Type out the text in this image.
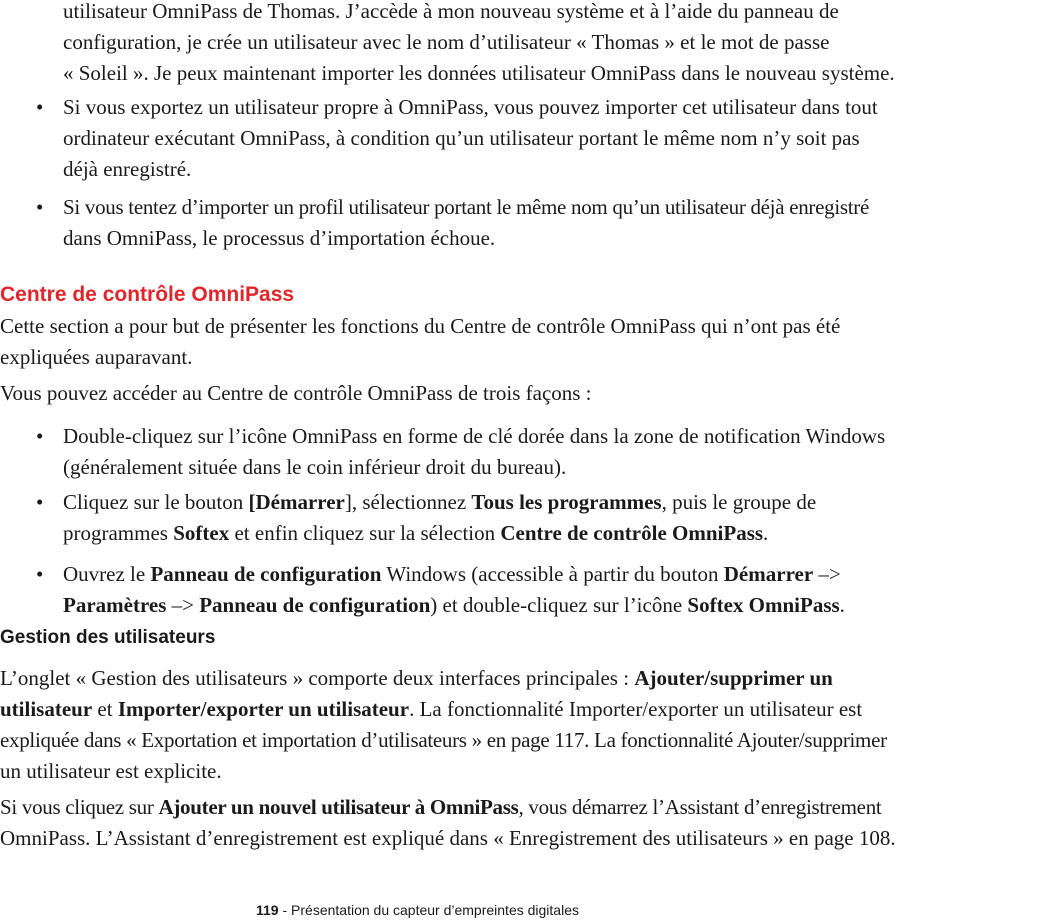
utilisateur OmniPass de Thomas. J’accède à mon nouveau système et à l’aide du panneau de

configuration, je crée un utilisateur avec le nom d’utilisateur « Thomas » et le mot de passe

« Soleil ». Je peux maintenant importer les données utilisateur OmniPass dans le nouveau système.

• Si vous exportez un utilisateur propre à OmniPass, vous pouvez importer cet utilisateur dans tout

ordinateur exécutant OmniPass, à condition qu’un utilisateur portant le même nom n’y soit pas

déjà enregistré.

• Si vous tentez d’importer un profil utilisateur portant le même nom qu’un utilisateur déjà enregistré

dans OmniPass, le processus d’importation échoue.

Centre de contrôle OmniPass

Cette section a pour but de présenter les fonctions du Centre de contrôle OmniPass qui n’ont pas été

expliquées auparavant.

Vous pouvez accéder au Centre de contrôle OmniPass de trois façons :

• Double-cliquez sur l’icône OmniPass en forme de clé dorée dans la zone de notification Windows

(généralement située dans le coin inférieur droit du bureau).

• Cliquez sur le bouton [Démarrer], sélectionnez Tous les programmes, puis le groupe de

programmes Softex et enfin cliquez sur la sélection Centre de contrôle OmniPass.

• Ouvrez le Panneau de configuration Windows (accessible à partir du bouton Démarrer –>

Paramètres –> Panneau de configuration) et double-cliquez sur l’icône Softex OmniPass.

Gestion des utilisateurs

L’onglet « Gestion des utilisateurs » comporte deux interfaces principales : Ajouter/supprimer un

utilisateur et Importer/exporter un utilisateur. La fonctionnalité Importer/exporter un utilisateur est

expliquée dans « Exportation et importation d’utilisateurs » en page 117. La fonctionnalité Ajouter/supprimer

un utilisateur est explicite.

Si vous cliquez sur Ajouter un nouvel utilisateur à OmniPass, vous démarrez l’Assistant d’enregistrement

OmniPass. L’Assistant d’enregistrement est expliqué dans « Enregistrement des utilisateurs » en page 108.

119 - Présentation du capteur d’empreintes digitales
